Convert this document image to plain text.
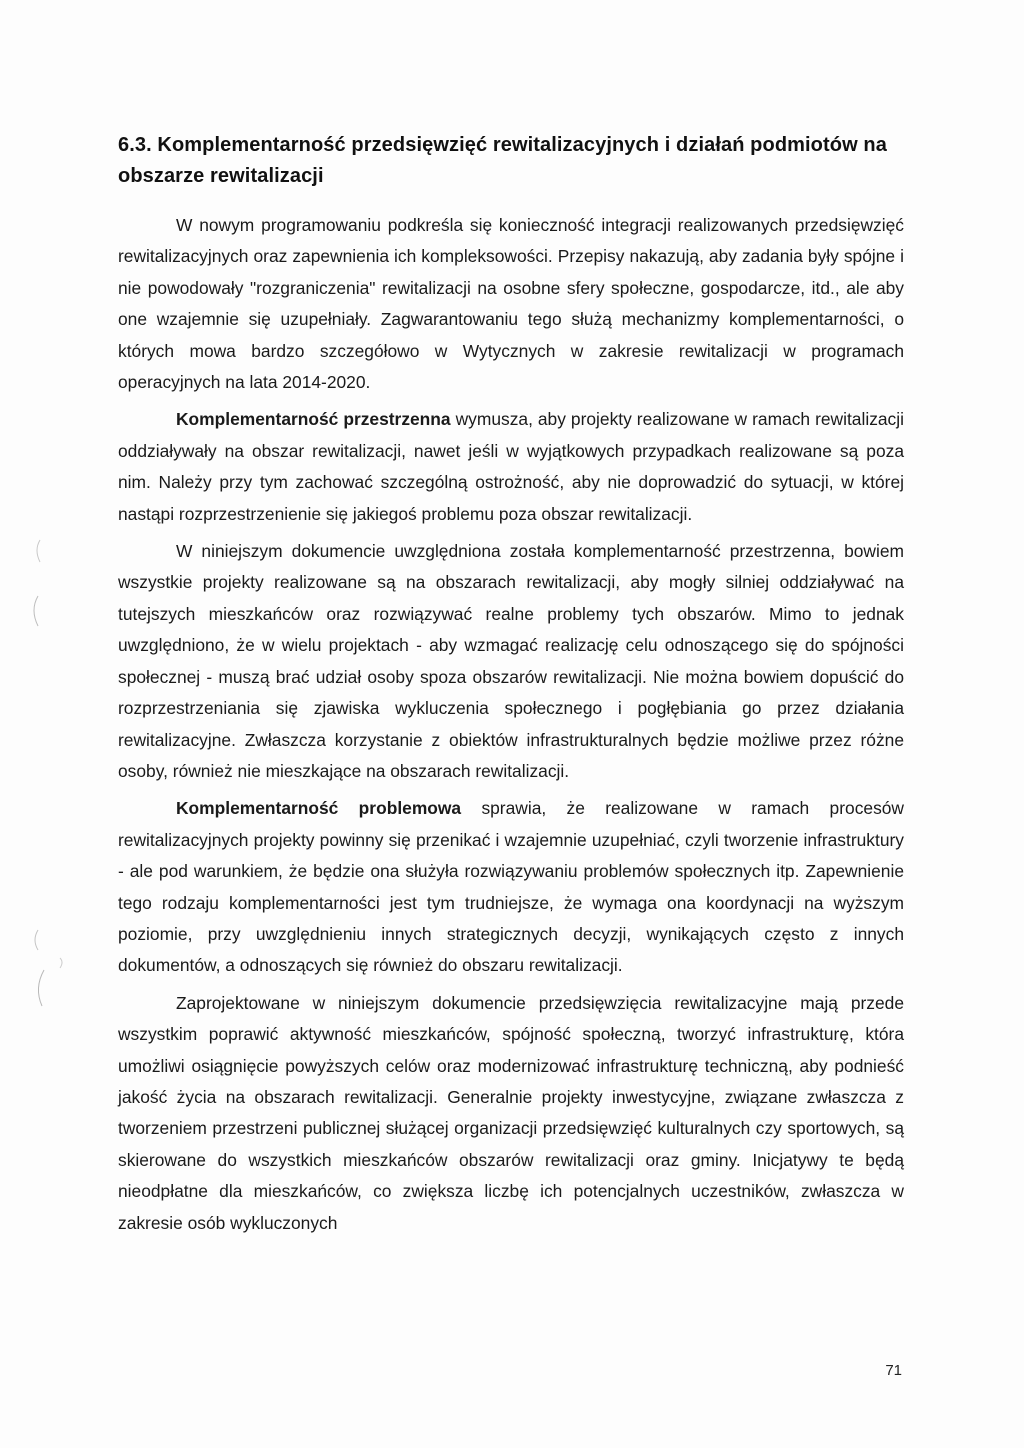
6.3. Komplementarność przedsięwzięć rewitalizacyjnych i działań podmiotów na obszarze rewitalizacji

W nowym programowaniu podkreśla się konieczność integracji realizowanych przedsięwzięć rewitalizacyjnych oraz zapewnienia ich kompleksowości. Przepisy nakazują, aby zadania były spójne i nie powodowały "rozgraniczenia" rewitalizacji na osobne sfery społeczne, gospodarcze, itd., ale aby one wzajemnie się uzupełniały. Zagwarantowaniu tego służą mechanizmy komplementarności, o których mowa bardzo szczegółowo w Wytycznych w zakresie rewitalizacji w programach operacyjnych na lata 2014-2020.

Komplementarność przestrzenna wymusza, aby projekty realizowane w ramach rewitalizacji oddziaływały na obszar rewitalizacji, nawet jeśli w wyjątkowych przypadkach realizowane są poza nim. Należy przy tym zachować szczególną ostrożność, aby nie doprowadzić do sytuacji, w której nastąpi rozprzestrzenienie się jakiegoś problemu poza obszar rewitalizacji.

W niniejszym dokumencie uwzględniona została komplementarność przestrzenna, bowiem wszystkie projekty realizowane są na obszarach rewitalizacji, aby mogły silniej oddziaływać na tutejszych mieszkańców oraz rozwiązywać realne problemy tych obszarów. Mimo to jednak uwzględniono, że w wielu projektach - aby wzmagać realizację celu odnoszącego się do spójności społecznej - muszą brać udział osoby spoza obszarów rewitalizacji. Nie można bowiem dopuścić do rozprzestrzeniania się zjawiska wykluczenia społecznego i pogłębiania go przez działania rewitalizacyjne. Zwłaszcza korzystanie z obiektów infrastrukturalnych będzie możliwe przez różne osoby, również nie mieszkające na obszarach rewitalizacji.

Komplementarność problemowa sprawia, że realizowane w ramach procesów rewitalizacyjnych projekty powinny się przenikać i wzajemnie uzupełniać, czyli tworzenie infrastruktury - ale pod warunkiem, że będzie ona służyła rozwiązywaniu problemów społecznych itp. Zapewnienie tego rodzaju komplementarności jest tym trudniejsze, że wymaga ona koordynacji na wyższym poziomie, przy uwzględnieniu innych strategicznych decyzji, wynikających często z innych dokumentów, a odnoszących się również do obszaru rewitalizacji.

Zaprojektowane w niniejszym dokumencie przedsięwzięcia rewitalizacyjne mają przede wszystkim poprawić aktywność mieszkańców, spójność społeczną, tworzyć infrastrukturę, która umożliwi osiągnięcie powyższych celów oraz modernizować infrastrukturę techniczną, aby podnieść jakość życia na obszarach rewitalizacji. Generalnie projekty inwestycyjne, związane zwłaszcza z tworzeniem przestrzeni publicznej służącej organizacji przedsięwzięć kulturalnych czy sportowych, są skierowane do wszystkich mieszkańców obszarów rewitalizacji oraz gminy. Inicjatywy te będą nieodpłatne dla mieszkańców, co zwiększa liczbę ich potencjalnych uczestników, zwłaszcza w zakresie osób wykluczonych

71
